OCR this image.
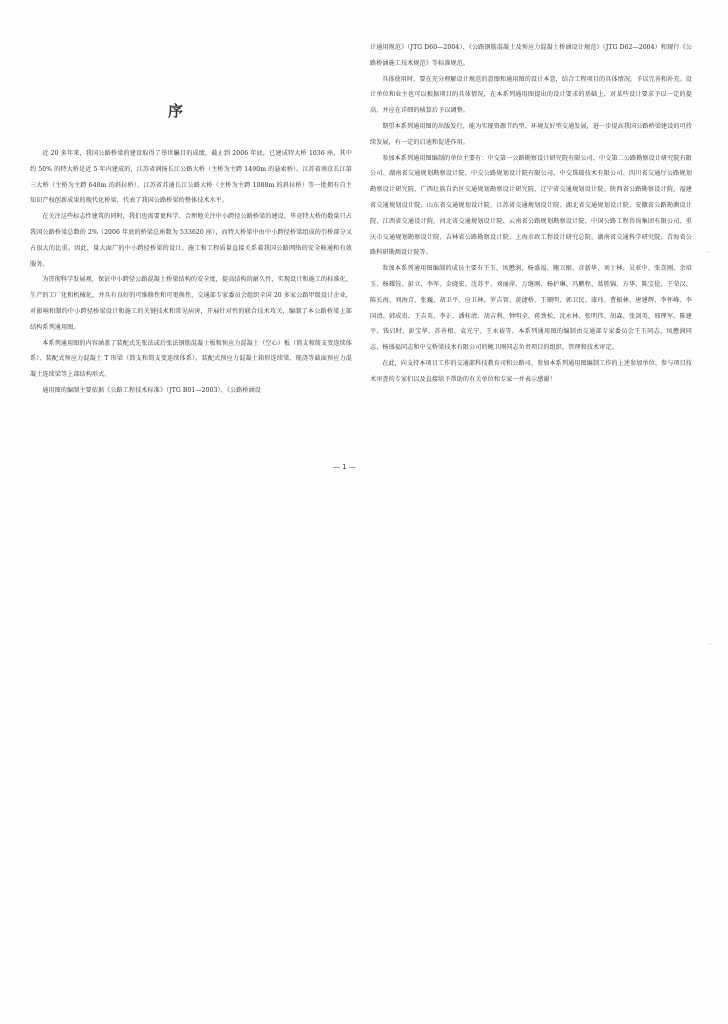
序

近 20 多年来，我国公路桥梁的建设取得了举世瞩目的成绩，截止到 2006 年底，已建成特大桥 1036 座，其中约 50% 的特大桥是近 5 年内建成的，江苏省润扬长江公路大桥（主桥为主跨 1490m 的悬索桥）、江苏省南京长江第三大桥（主桥为主跨 648m 的斜拉桥）、江苏省苏通长江公路大桥（主桥为主跨 1088m 的斜拉桥）等一批拥有自主知识产权创新成果的现代化桥梁，代表了我国公路桥梁的整体技术水平。

在关注这些标志性建筑的同时，我们也需要更科学、合理地关注中小跨径公路桥梁的建设。毕竟特大桥的数量只占我国公路桥梁总数的 2%（2006 年底的桥梁总座数为 533620 座），而特大桥梁中由中小跨径桥梁组成的引桥部分又占很大的比重。因此，量大面广的中小跨径桥梁的设计、施工和工程质量直接关系着我国公路网络的安全畅通和有效服务。

为贯彻科学发展观，保证中小跨径公路混凝土桥梁结构的安全度，提高结构的耐久性，实现设计和施工的标准化、生产的工厂化和机械化，并具有良好的可维修性和可更换性，交通部专家委员会组织全国 20 多家公路甲级设计企业，对影响和制约中小跨径桥梁设计和施工的关键技术和常见病害，开展针对性的联合技术攻关，编制了本公路桥梁上部结构系列通用图。

本系列通用图的内容涵盖了装配式先张法或后张法钢筋混凝土板和预应力混凝土（空心）板（简支和简支变连续体系）、装配式预应力混凝土 T 形梁（简支和简支变连续体系）、装配式预应力混凝土箱形连续梁、现浇等截面预应力混凝土连续梁等上部结构形式。

通用图的编制主要依据《公路工程技术标准》（JTG B01—2003）、《公路桥涵设

计通用规范》（JTG D60—2004）、《公路钢筋混凝土及预应力混凝土桥涵设计规范》（JTG D62—2004）和现行《公路桥涵施工技术规范》等标准规范。

具体使用时，要在充分理解设计规范的意图和通用图的设计本意，结合工程项目的具体情况，予以完善和补充。设计单位和业主也可以根据项目的具体情况，在本系列通用图提出的设计要求的基础上，对某些设计要求予以一定的提高，并应在详细的核算后予以调整。

期望本系列通用图的出版发行，能为实现资源节约型、环境友好型交通发展，进一步提高我国公路桥梁建设的可持续发展，有一定的启迪和促进作用。

参加本系列通用图编制的单位主要有：中交第一公路勘察设计研究院有限公司、中交第二公路勘察设计研究院有限公司、湖南省交通规划勘察设计院、中交公路规划设计院有限公司、中交珠瑞技术有限公司、四川省交通厅公路规划勘察设计研究院、广西壮族自治区交通规划勘察设计研究院、辽宁省交通规划设计院、陕西省公路勘察设计院、福建省交通规划设计院、山东省交通规划设计院、江苏省交通规划设计院、湖北省交通规划设计院、安徽省公路勘测设计院、江西省交通设计院、河北省交通规划设计院、云南省公路规划勘察设计院、中国公路工程咨询集团有限公司、重庆市交通规划勘察设计院、吉林省公路勘察设计院、上海市政工程设计研究总院、湖南省交通科学研究院、青海省公路科研勘测设计院等。

参加本系列通用图编制的成员主要有王玉、凤懋润、杨盛福、鲍卫刚、彦新华、刘士林、吴亚中、张喜刚、余培玉、杨耀铨、彭立、李军、金晓宏、沈苏平、刘丽萍、万继刚、杨护琳、冯鹏程、葛胜锦、方华、陈宝俭、王荣汉、陈长海、刘海青、张巍、胡卫平、应卫林、罗吉智、黄捷桥、王顺明、郭卫民、漆玮、曹振林、唐建辉、李怀峰、李国清、韩成贵、王吉英、李正、潘桂清、胡吉利、钟明全、蒋劲松、沈永林、张明伟、胡森、张剑英、邢理军、陈建平、钱启时、彭宝华、苏善根、袁光宁、王永裕等。本系列通用图的编制由交通部专家委员会王玉同志、凤懋润同志、杨盛福同志和中交桥梁技术有限公司的鲍卫刚同志负责项目的组织、管理和技术审定。

在此，向支持本项目工作的交通部科技教育司和公路司、参加本系列通用图编制工作的上述参加单位、参与项目技术审查的专家们以及直接给予帮助的有关单位和专家一并表示感谢！

— 1 —
·
·
